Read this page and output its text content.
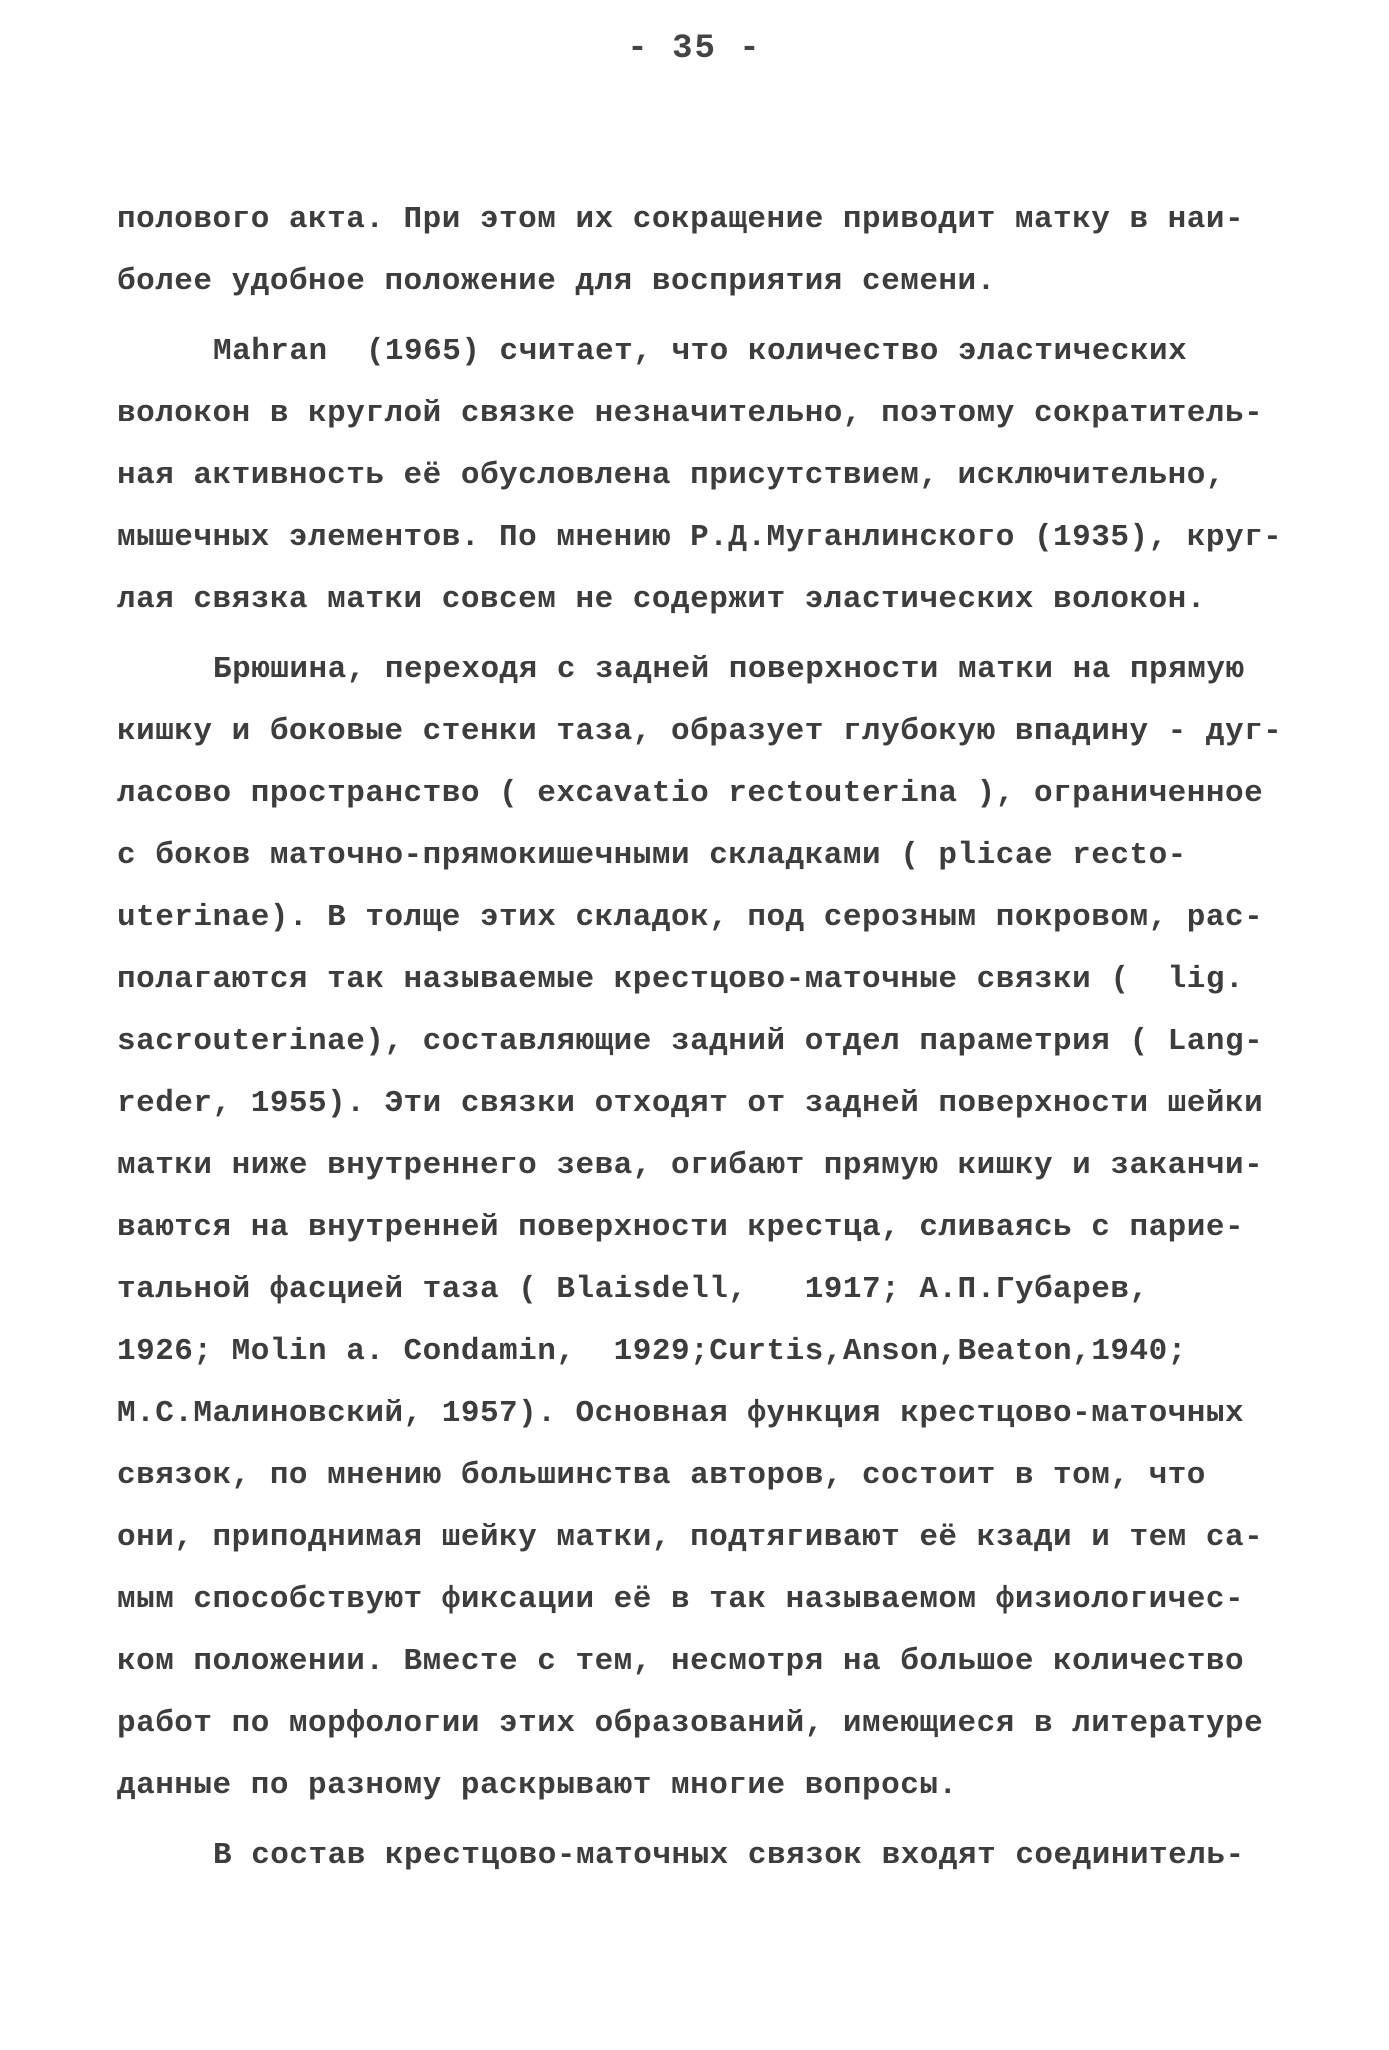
- 35 -
полового акта. При этом их сокращение приводит матку в наи-
более удобное положение для восприятия семени.
Mahran  (1965) считает, что количество эластических
волокон в круглой связке незначительно, поэтому сократитель-
ная активность её обусловлена присутствием, исключительно,
мышечных элементов. По мнению Р.Д.Муганлинского (1935), круг-
лая связка матки совсем не содержит эластических волокон.
Брюшина, переходя с задней поверхности матки на прямую
кишку и боковые стенки таза, образует глубокую впадину - дуг-
ласово пространство ( excavatio rectouterina ), ограниченное
с боков маточно-прямокишечными складками ( plicae recto-
uterinae). В толще этих складок, под серозным покровом, рас-
полагаются так называемые крестцово-маточные связки (  lig.
sacrouterinae), составляющие задний отдел параметрия ( Lang-
reder, 1955). Эти связки отходят от задней поверхности шейки
матки ниже внутреннего зева, огибают прямую кишку и заканчи-
ваются на внутренней поверхности крестца, сливаясь с парие-
тальной фасцией таза ( Blaisdell,   1917; А.П.Губарев,
1926; Molin a. Condamin,  1929;Curtis,Anson,Beaton,1940;
М.С.Малиновский, 1957). Основная функция крестцово-маточных
связок, по мнению большинства авторов, состоит в том, что
они, приподнимая шейку матки, подтягивают её кзади и тем са-
мым способствуют фиксации её в так называемом физиологичес-
ком положении. Вместе с тем, несмотря на большое количество
работ по морфологии этих образований, имеющиеся в литературе
данные по разному раскрывают многие вопросы.
В состав крестцово-маточных связок входят соединитель-
